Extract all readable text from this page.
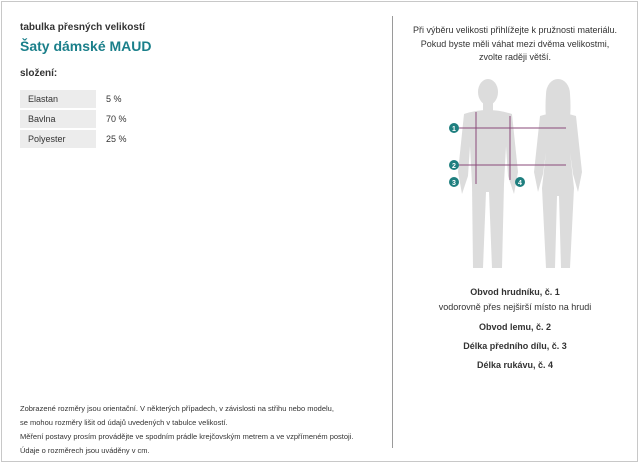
tabulka přesných velikostí
Šaty dámské MAUD
složení:
Elastan	5 %
Bavlna	70 %
Polyester	25 %
Zobrazené rozměry jsou orientační. V některých případech, v závislosti na střihu nebo modelu,
se mohou rozměry lišit od údajů uvedených v tabulce velikostí.
Měření postavy prosím provádějte ve spodním prádle krejčovským metrem a ve vzpřímeném postoji.
Údaje o rozměrech jsou uváděny v cm.
Při výběru velikosti přihlížejte k pružnosti materiálu.
Pokud byste měli váhat mezi dvěma velikostmi,
zvolte raději větší.
1
2
3	4
Obvod hrudníku, č. 1
vodorovně přes nejširší místo na hrudi
Obvod lemu, č. 2
Délka předního dílu, č. 3
Délka rukávu, č. 4
